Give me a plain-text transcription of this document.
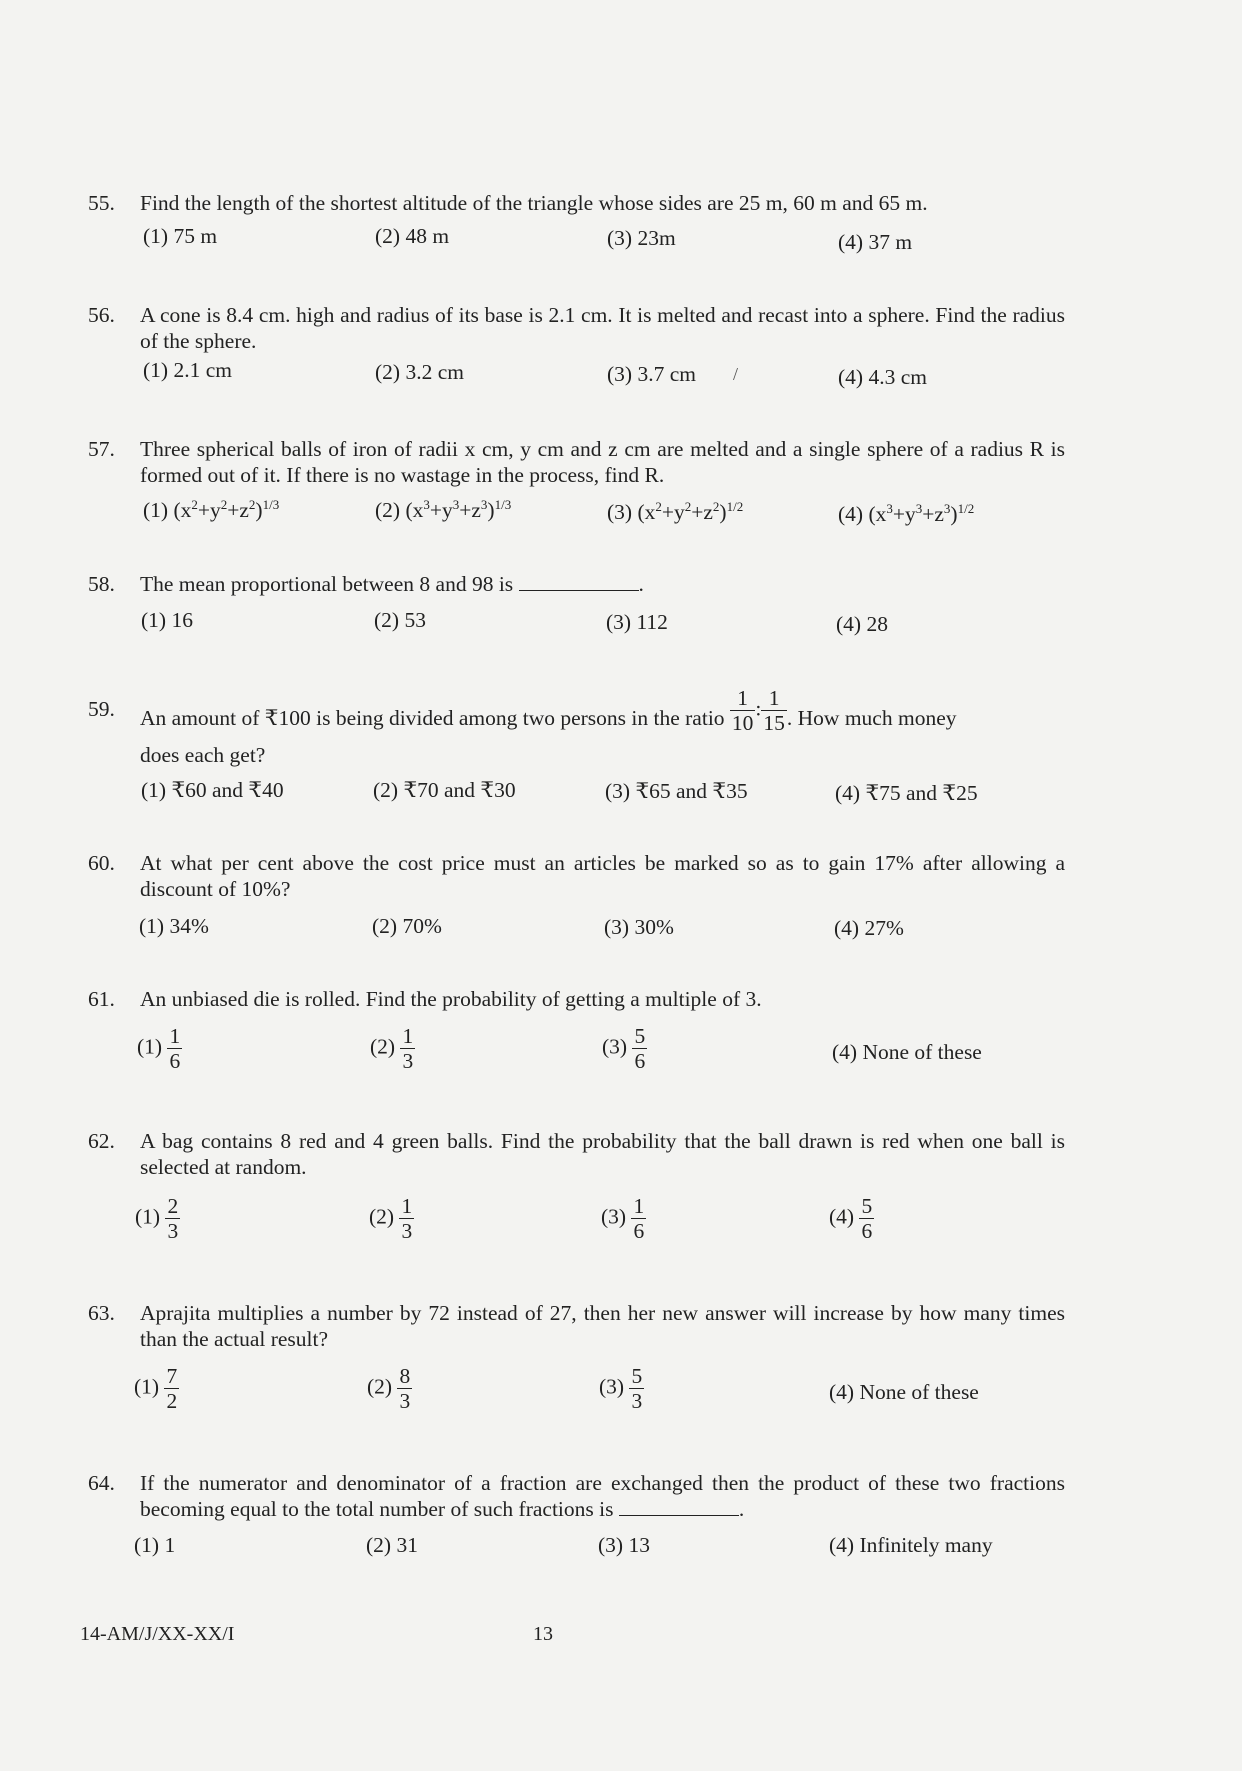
55.	Find the length of the shortest altitude of the triangle whose sides are 25 m, 60 m and 65 m.
(1) 75 m	(2) 48 m	(3) 23m	(4) 37 m
56.	A cone is 8.4 cm. high and radius of its base is 2.1 cm. It is melted and recast into a sphere. Find the radius of the sphere.
(1) 2.1 cm	(2) 3.2 cm	(3) 3.7 cm /	(4) 4.3 cm
57.	Three spherical balls of iron of radii x cm, y cm and z cm are melted and a single sphere of a radius R is formed out of it. If there is no wastage in the process, find R.
(1) $(x^2+y^2+z^2)^{1/3}$	(2) $(x^3+y^3+z^3)^{1/3}$	(3) $(x^2+y^2+z^2)^{1/2}$	(4) $(x^3+y^3+z^3)^{1/2}$
58.	The mean proportional between 8 and 98 is	.
(1) 16	(2) 53	(3) 112	(4) 28
59.	An amount of ₹100 is being divided among two persons in the ratio $\frac{1}{10}$ : $\frac{1}{15}$ . How much money
does each get?
(1) ₹60 and ₹40	(2) ₹70 and ₹30	(3) ₹65 and ₹35	(4) ₹75 and ₹25
60.	At what per cent above the cost price must an articles be marked so as to gain 17% after allowing a discount of 10%?
(1) 34%	(2) 70%	(3) 30%	(4) 27%
61.	An unbiased die is rolled. Find the probability of getting a multiple of 3.
$(1) \frac{1}{6}$	$(2) \frac{1}{3}$	$(3) \frac{5}{6}$	(4) None of these
62.	A bag contains 8 red and 4 green balls. Find the probability that the ball drawn is red when one ball is selected at random.
$(1) \frac{2}{3}$	$(2) \frac{1}{3}$	$(3) \frac{1}{6}$	$(4) \frac{5}{6}$
63.	Aprajita multiplies a number by 72 instead of 27, then her new answer will increase by how many times than the actual result?
$(1) \frac{7}{2}$	$(2) \frac{8}{3}$	$(3) \frac{5}{3}$	(4) None of these
64.	If the numerator and denominator of a fraction are exchanged then the product of these two fractions becoming equal to the total number of such fractions is	.
(1) 1	(2) 31	(3) 13	(4) Infinitely many
14-AM/J/XX-XX/I	13
